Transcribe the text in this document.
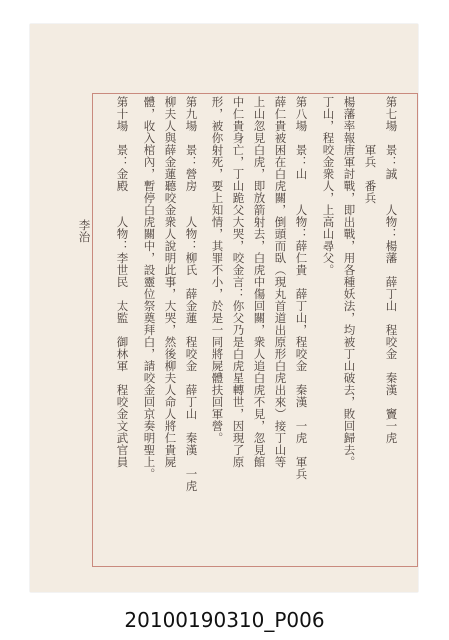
第七場　景：誠　　人物：楊藩　薛丁山　程咬金　秦漢　竇一虎
　　　　軍兵　番兵
楊藩率報唐軍討戰，即出戰，用各種妖法，均被丁山破去，敗回歸去。
丁山，程咬金衆人，上高山尋父。
第八場　景：山　　人物：薛仁貴　薛丁山，程咬金　秦漢　一虎　軍兵
薛仁貴被困在白虎關，倒頭而臥（現丸首道出原形白虎出來）接丁山等
上山忽見白虎，即放箭射去，白虎中傷回關，衆人追白虎不見，忽見館
中仁貴身亡，丁山跪父大哭，咬金言：你父乃是白虎星轉世，因現了原
形，被你射死，要上知情，其罪不小，於是一同將屍體扶回軍營。
第九場　景：營房　　人物：柳氏　薛金蓮　程咬金　薛丁山　秦漢　一虎
柳夫人與薛金蓮聽咬金衆人說明此事，大哭，然後柳夫人命人將仁貴屍
體，收入棺內，暫停白虎關中，設靈位祭奠拜白，請咬金回京奏明聖上。
第十場　景：金殿　　人物：李世民　太監　御林軍　程咬金文武官員
李治
20100190310_P006
